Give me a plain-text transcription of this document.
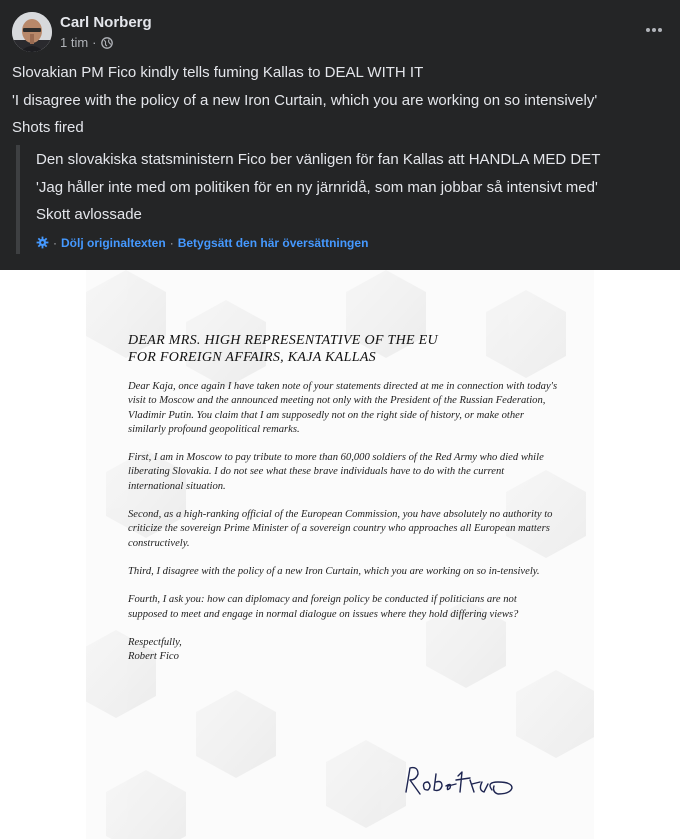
Carl Norberg
1 tim ·
Slovakian PM Fico kindly tells fuming Kallas to DEAL WITH IT
'I disagree with the policy of a new Iron Curtain, which you are working on so intensively'
Shots fired
Den slovakiska statsministern Fico ber vänligen för fan Kallas att HANDLA MED DET
'Jag håller inte med om politiken för en ny järnridå, som man jobbar så intensivt med'
Skott avlossade
· Dölj originaltexten · Betygsätt den här översättningen
DEAR MRS. HIGH REPRESENTATIVE OF THE EU
FOR FOREIGN AFFAIRS, KAJA KALLAS

Dear Kaja, once again I have taken note of your statements directed at me in connection with today's visit to Moscow and the announced meeting not only with the President of the Russian Federation, Vladimir Putin. You claim that I am supposedly not on the right side of history, or make other similarly profound geopolitical remarks.

First, I am in Moscow to pay tribute to more than 60,000 soldiers of the Red Army who died while liberating Slovakia. I do not see what these brave individuals have to do with the current international situation.

Second, as a high-ranking official of the European Commission, you have absolutely no authority to criticize the sovereign Prime Minister of a sovereign country who approaches all European matters constructively.

Third, I disagree with the policy of a new Iron Curtain, which you are working on so in-tensively.

Fourth, I ask you: how can diplomacy and foreign policy be conducted if politicians are not supposed to meet and engage in normal dialogue on issues where they hold differing views?

Respectfully,
Robert Fico
